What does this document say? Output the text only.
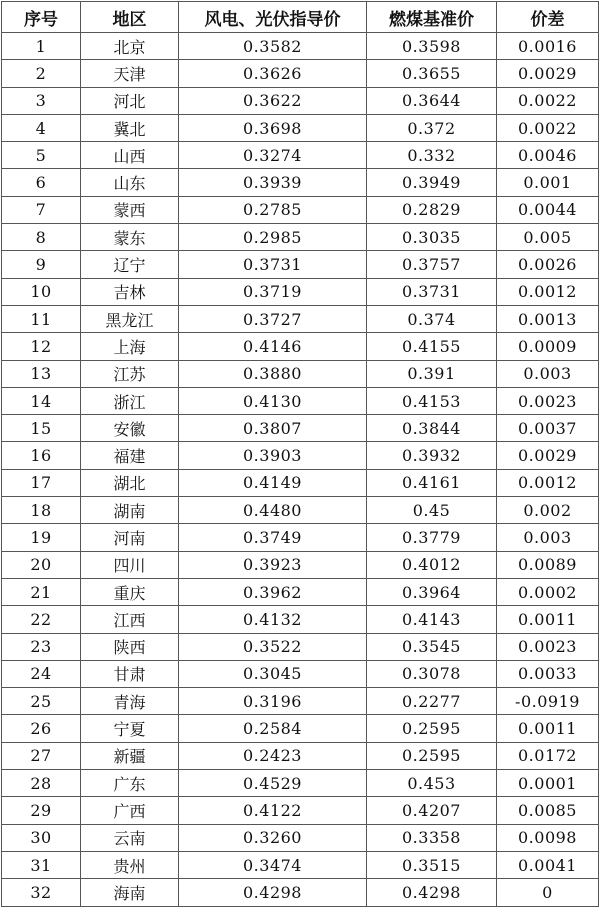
序号	地区	风电、光伏指导价	燃煤基准价	价差
1	北京	0.3582	0.3598	0.0016
2	天津	0.3626	0.3655	0.0029
3	河北	0.3622	0.3644	0.0022
4	冀北	0.3698	0.372	0.0022
5	山西	0.3274	0.332	0.0046
6	山东	0.3939	0.3949	0.001
7	蒙西	0.2785	0.2829	0.0044
8	蒙东	0.2985	0.3035	0.005
9	辽宁	0.3731	0.3757	0.0026
10	吉林	0.3719	0.3731	0.0012
11	黑龙江	0.3727	0.374	0.0013
12	上海	0.4146	0.4155	0.0009
13	江苏	0.3880	0.391	0.003
14	浙江	0.4130	0.4153	0.0023
15	安徽	0.3807	0.3844	0.0037
16	福建	0.3903	0.3932	0.0029
17	湖北	0.4149	0.4161	0.0012
18	湖南	0.4480	0.45	0.002
19	河南	0.3749	0.3779	0.003
20	四川	0.3923	0.4012	0.0089
21	重庆	0.3962	0.3964	0.0002
22	江西	0.4132	0.4143	0.0011
23	陕西	0.3522	0.3545	0.0023
24	甘肃	0.3045	0.3078	0.0033
25	青海	0.3196	0.2277	-0.0919
26	宁夏	0.2584	0.2595	0.0011
27	新疆	0.2423	0.2595	0.0172
28	广东	0.4529	0.453	0.0001
29	广西	0.4122	0.4207	0.0085
30	云南	0.3260	0.3358	0.0098
31	贵州	0.3474	0.3515	0.0041
32	海南	0.4298	0.4298	0
